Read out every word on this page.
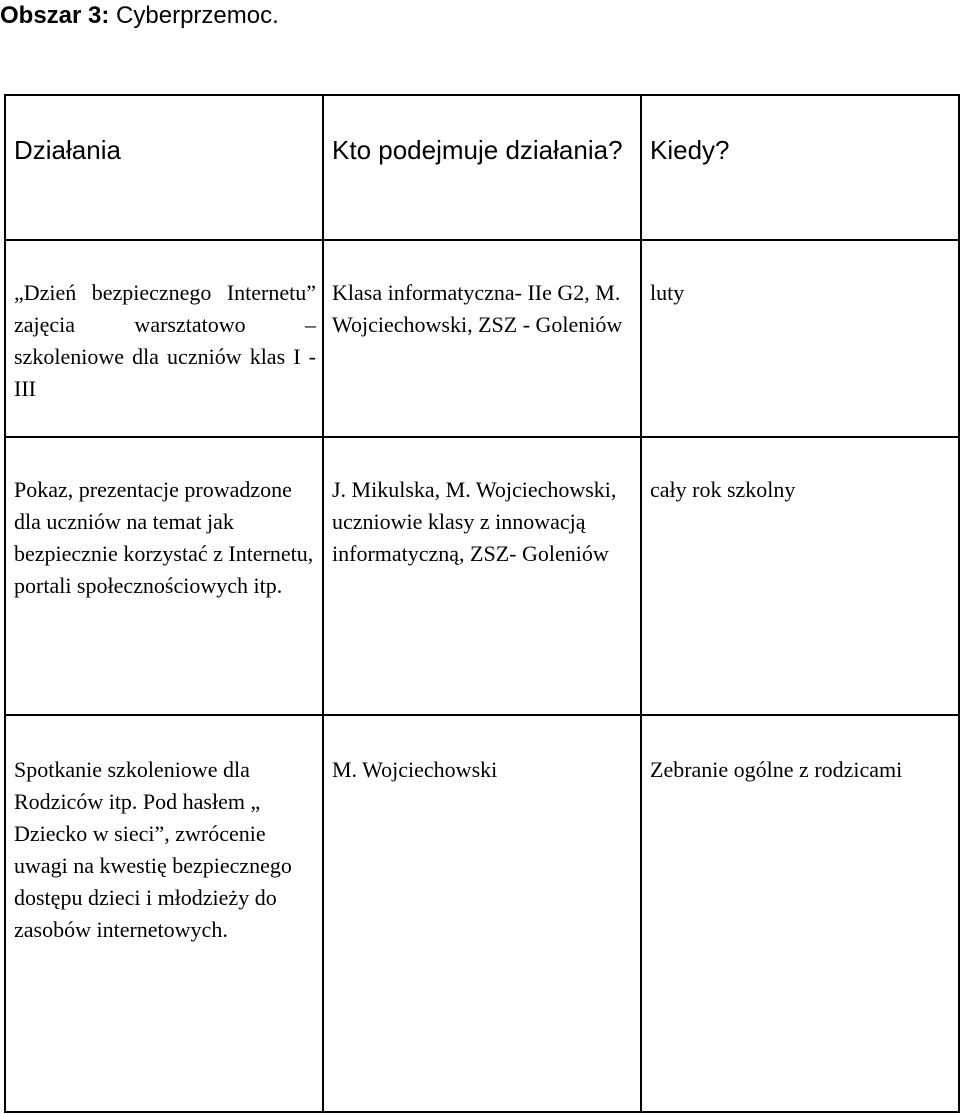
Obszar 3: Cyberprzemoc.
Działania	Kto podejmuje działania?	Kiedy?
„Dzień bezpiecznego Internetu” zajęcia warsztatowo – szkoleniowe dla uczniów klas I - III	Klasa informatyczna- IIe G2, M. Wojciechowski, ZSZ - Goleniów	luty
Pokaz, prezentacje prowadzone dla uczniów na temat jak bezpiecznie korzystać z Internetu, portali społecznościowych itp.	J. Mikulska, M. Wojciechowski, uczniowie klasy z innowacją informatyczną, ZSZ- Goleniów	cały rok szkolny
Spotkanie szkoleniowe dla Rodziców itp. Pod hasłem „ Dziecko w sieci”, zwrócenie uwagi na kwestię bezpiecznego dostępu dzieci i młodzieży do zasobów internetowych.	M. Wojciechowski	Zebranie ogólne z rodzicami
